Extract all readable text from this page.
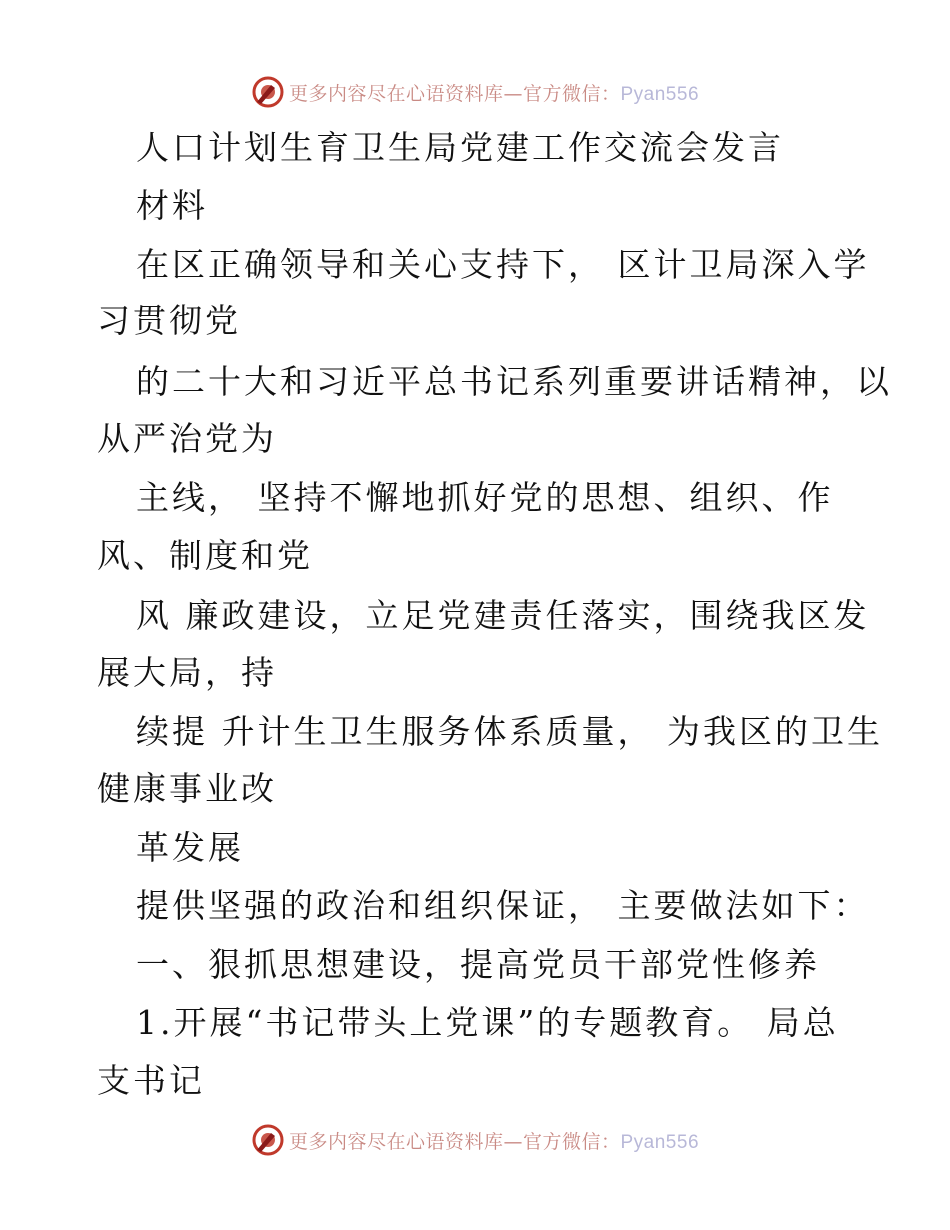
更多内容尽在心语资料库—官方微信：Pyan556
人口计划生育卫生局党建工作交流会发言
材料
在区正确领导和关心支持下， 区计卫局深入学
习贯彻党
的二十大和习近平总书记系列重要讲话精神，以
从严治党为
主线， 坚持不懈地抓好党的思想、组织、作
风、制度和党
风 廉政建设，立足党建责任落实，围绕我区发
展大局，持
续提 升计生卫生服务体系质量， 为我区的卫生
健康事业改
革发展
提供坚强的政治和组织保证， 主要做法如下：
一、狠抓思想建设，提高党员干部党性修养
1.开展“书记带头上党课”的专题教育。 局总
支书记
更多内容尽在心语资料库—官方微信：Pyan556
